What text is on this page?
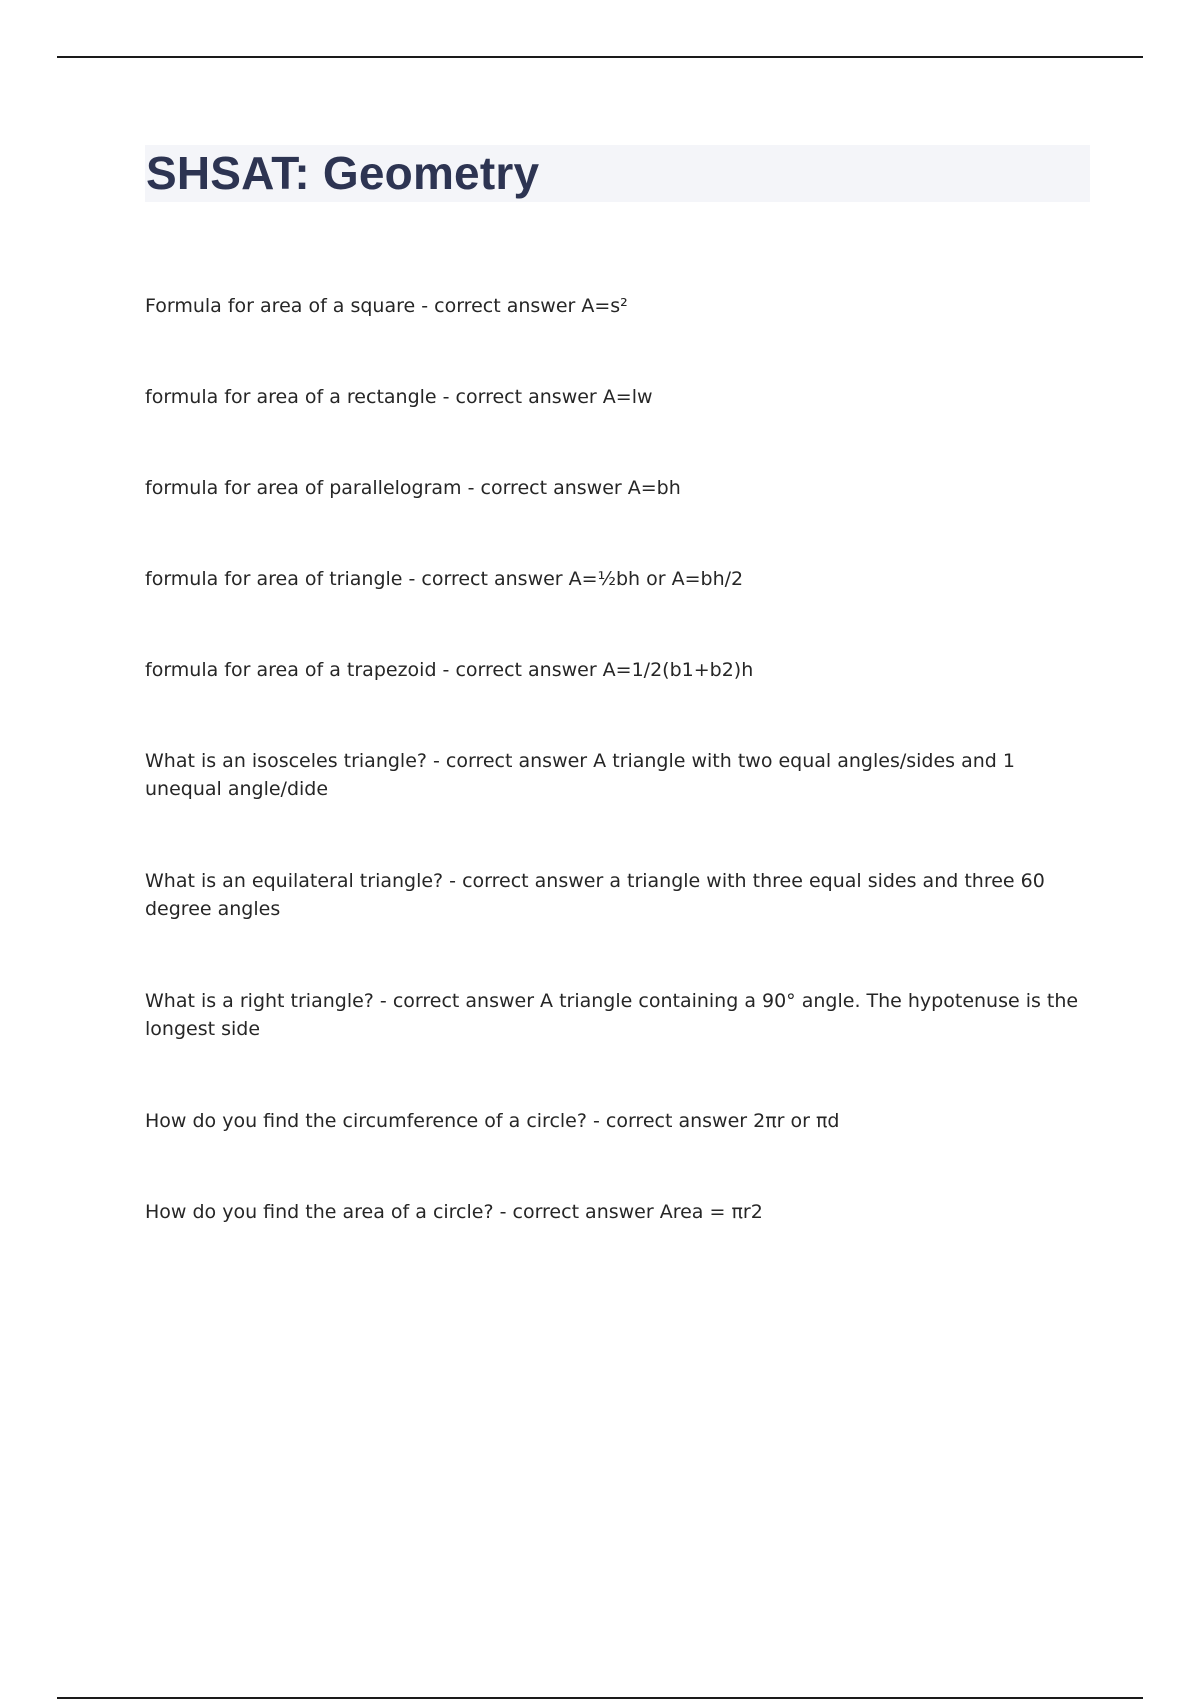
SHSAT: Geometry
Formula for area of a square - correct answer A=s²
formula for area of a rectangle - correct answer A=lw
formula for area of parallelogram - correct answer A=bh
formula for area of triangle - correct answer A=½bh or A=bh/2
formula for area of a trapezoid - correct answer A=1/2(b1+b2)h
What is an isosceles triangle? - correct answer A triangle with two equal angles/sides and 1 unequal angle/dide
What is an equilateral triangle? - correct answer a triangle with three equal sides and three 60 degree angles
What is a right triangle? - correct answer A triangle containing a 90° angle. The hypotenuse is the longest side
How do you find the circumference of a circle? - correct answer 2πr or πd
How do you find the area of a circle? - correct answer Area = πr2
